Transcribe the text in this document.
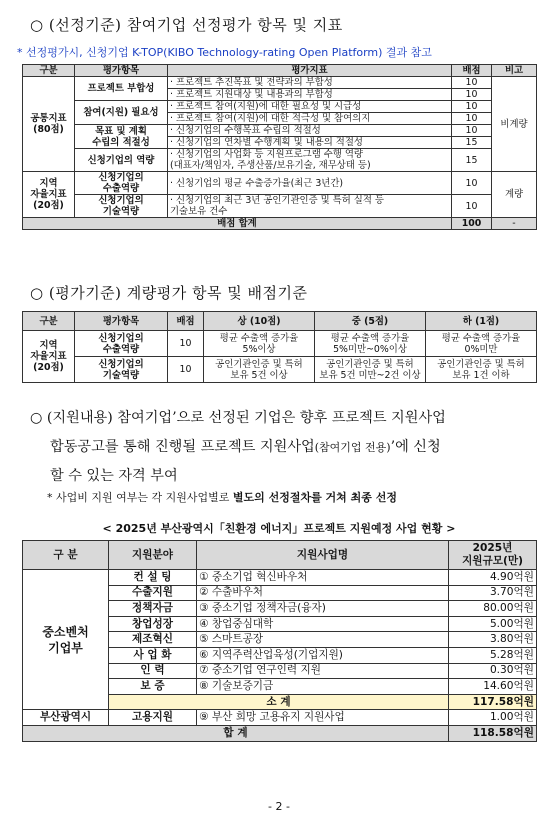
○ (선정기준) 참여기업 선정평가 항목 및 지표
* 선정평가시, 신청기업 K-TOP(KIBO Technology-rating Open Platform) 결과 참고
구분	평가항목	평가지표	배점	비고
공통지표
(80점)	프로젝트 부합성	· 프로젝트 추진목표 및 전략과의 부합성	10	비계량
		· 프로젝트 지원대상 및 내용과의 부합성	10	
	참여(지원) 필요성	· 프로젝트 참여(지원)에 대한 필요성 및 시급성	10	
		· 프로젝트 참여(지원)에 대한 적극성 및 참여의지	10	
	목표 및 계획
수립의 적절성	· 신청기업의 수행목표 수립의 적절성	10	
		· 신청기업의 연차별 수행계획 및 내용의 적절성	15	
	신청기업의 역량	· 신청기업의 사업화 등 지원프로그램 수행 역량
(대표자/책임자, 주생산품/보유기술, 재무상태 등)	15	
지역
자율지표
(20점)	신청기업의
수출역량	· 신청기업의 평균 수출증가율(최근 3년간)	10	계량
	신청기업의
기술역량	· 신청기업의 최근 3년 공인기관인증 및 특허 실적 등
기술보유 건수	10	
배점 합계			100	-
○ (평가기준) 계량평가 항목 및 배점기준
구분	평가항목	배점	상 (10점)	중 (5점)	하 (1점)
지역
자율지표
(20점)	신청기업의
수출역량	10	평균 수출액 증가율
5%이상	평균 수출액 증가율
5%미만~0%이상	평균 수출액 증가율
0%미만
	신청기업의
기술역량	10	공인기관인증 및 특허
보유 5건 이상	공인기관인증 및 특허
보유 5건 미만~2건 이상	공인기관인증 및 특허
보유 1건 이하
○ (지원내용) 참여기업’으로 선정된 기업은 향후 프로젝트 지원사업
합동공고를 통해 진행될 프로젝트 지원사업(참여기업 전용)’에 신청
할 수 있는 자격 부여
* 사업비 지원 여부는 각 지원사업별로 별도의 선정절차를 거쳐 최종 선정
< 2025년 부산광역시「친환경 에너지」프로젝트 지원예정 사업 현황 >
구 분	지원분야	지원사업명	2025년
지원규모(만)
중소벤처
기업부	컨 설 팅	① 중소기업 혁신바우처	4.90억원
	수출지원	② 수출바우처	3.70억원
	정책자금	③ 중소기업 정책자금(융자)	80.00억원
	창업성장	④ 창업중심대학	5.00억원
	제조혁신	⑤ 스마트공장	3.80억원
	사 업 화	⑥ 지역주력산업육성(기업지원)	5.28억원
	인 력	⑦ 중소기업 연구인력 지원	0.30억원
	보 증	⑧ 기술보증기금	14.60억원
	소 계		117.58억원
부산광역시	고용지원	⑨ 부산 희망 고용유지 지원사업	1.00억원
합 계			118.58억원
- 2 -
